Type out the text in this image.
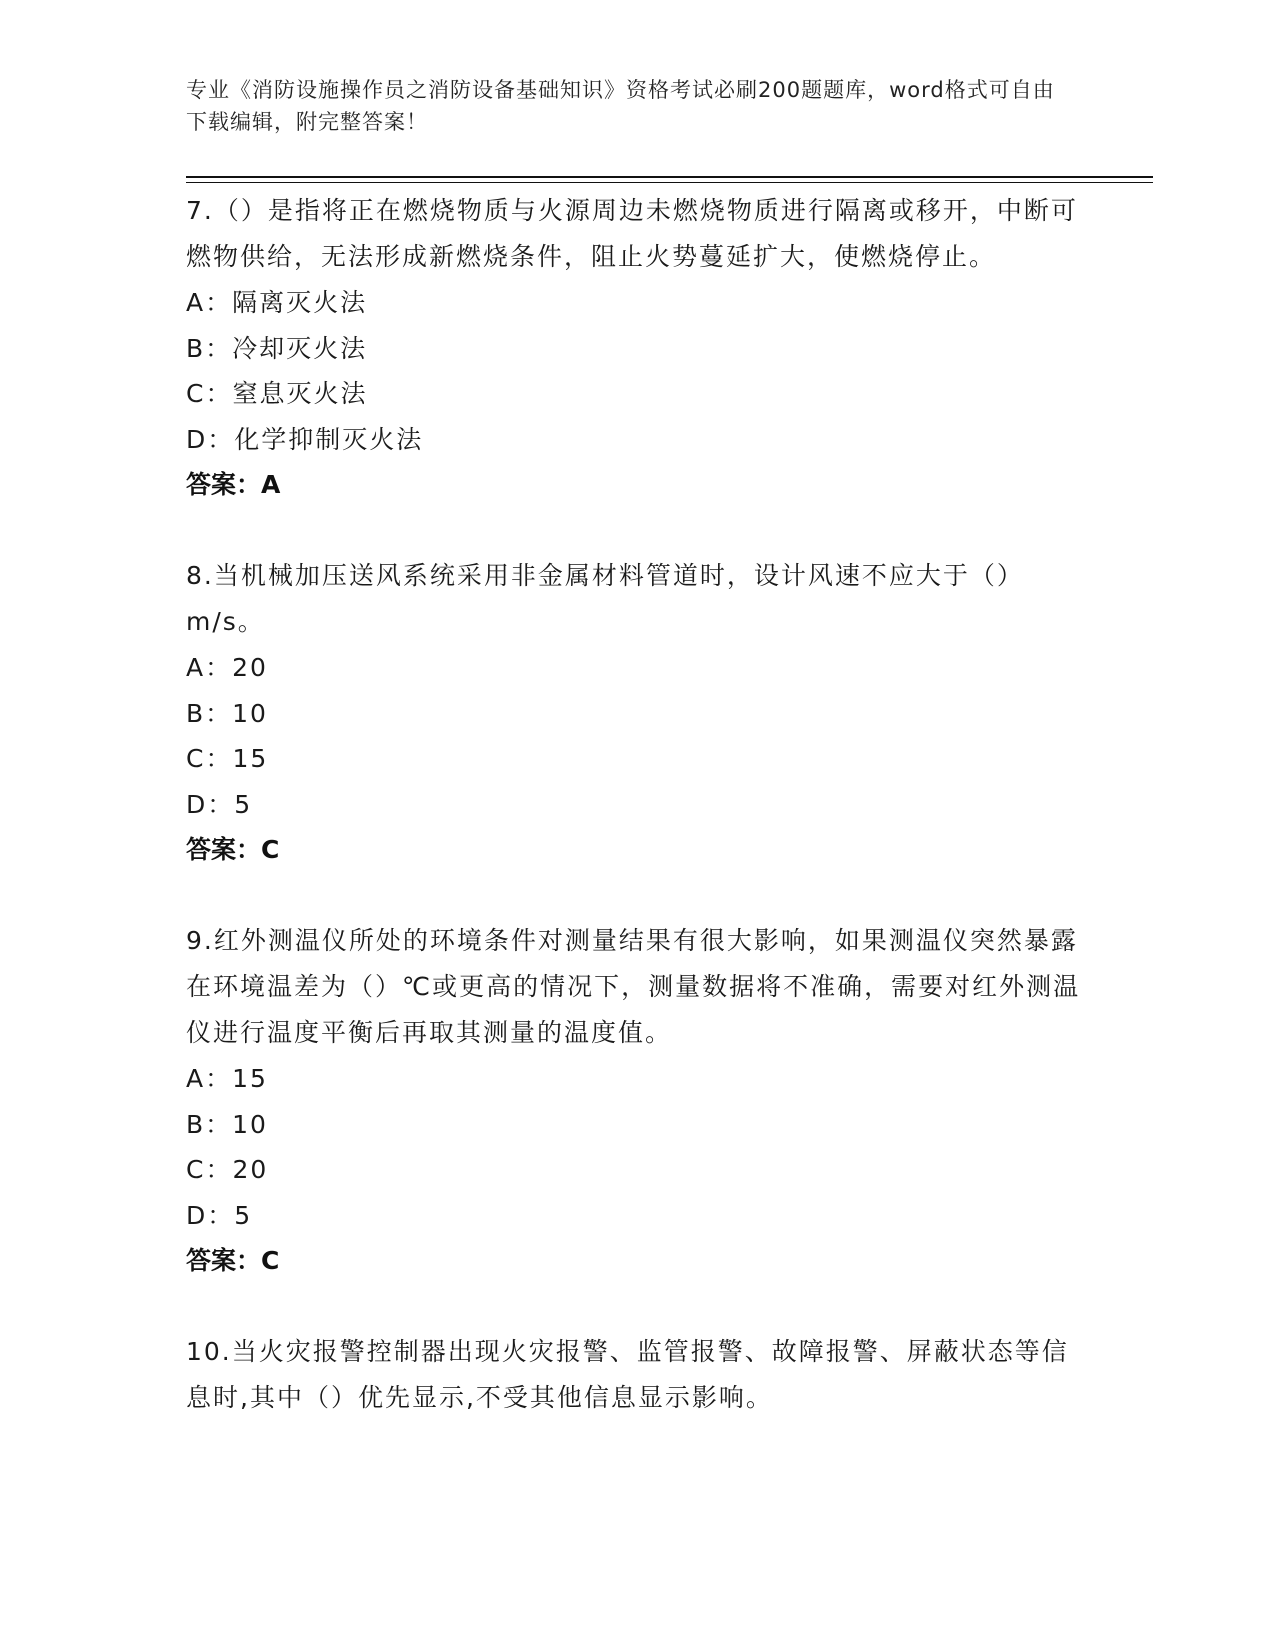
专业《消防设施操作员之消防设备基础知识》资格考试必刷200题题库，word格式可自由下载编辑，附完整答案！

7.（）是指将正在燃烧物质与火源周边未燃烧物质进行隔离或移开，中断可燃物供给，无法形成新燃烧条件，阻止火势蔓延扩大，使燃烧停止。

A：隔离灭火法

B：冷却灭火法

C：窒息灭火法

D：化学抑制灭火法

答案：A

8.当机械加压送风系统采用非金属材料管道时，设计风速不应大于（）m/s。

A：20

B：10

C：15

D：5

答案：C

9.红外测温仪所处的环境条件对测量结果有很大影响，如果测温仪突然暴露在环境温差为（）℃或更高的情况下，测量数据将不准确，需要对红外测温仪进行温度平衡后再取其测量的温度值。

A：15

B：10

C：20

D：5

答案：C

10.当火灾报警控制器出现火灾报警、监管报警、故障报警、屏蔽状态等信息时,其中（）优先显示,不受其他信息显示影响。
